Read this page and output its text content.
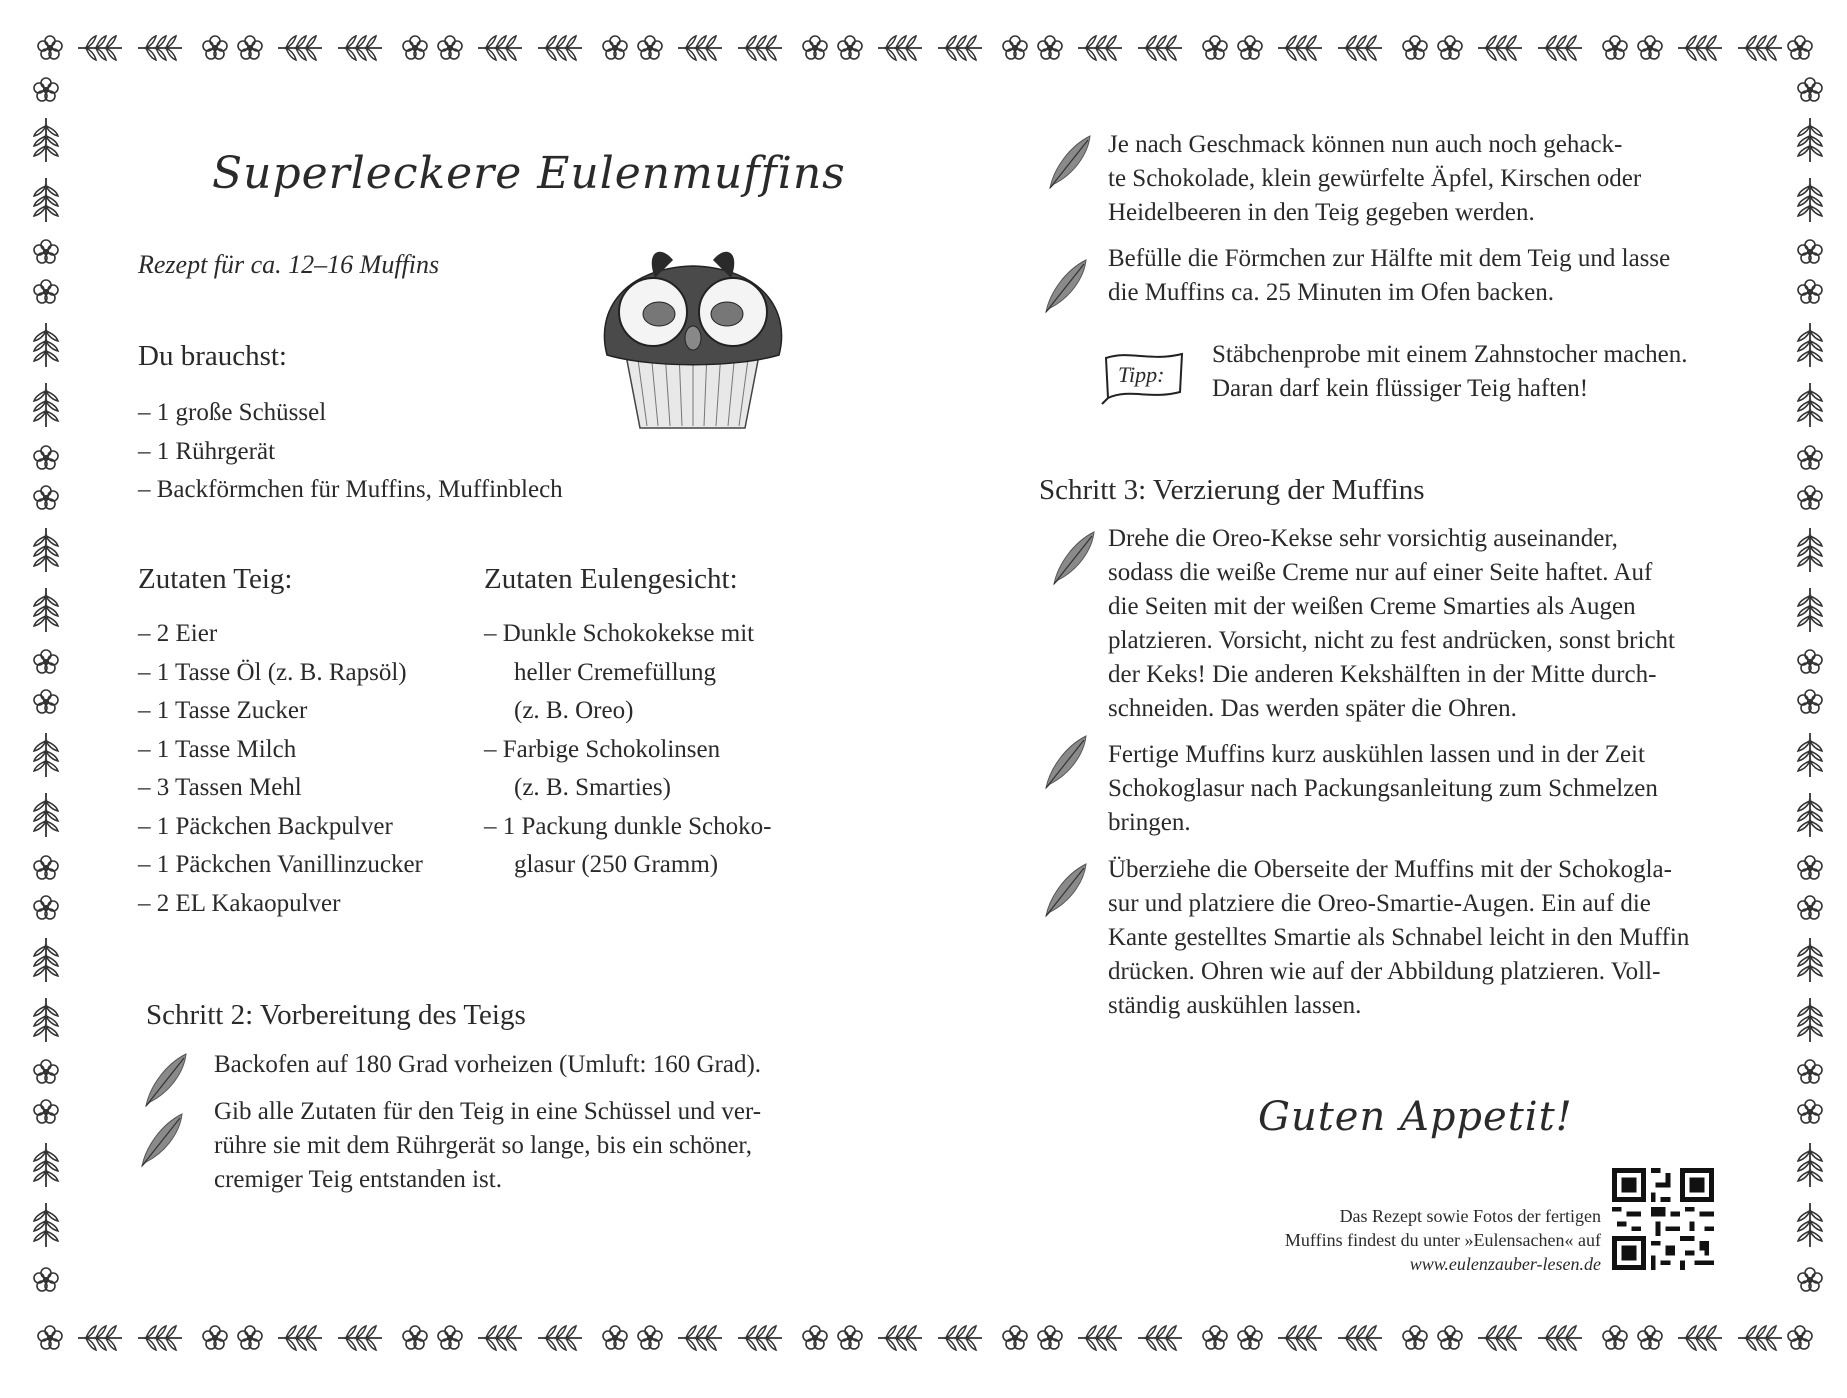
Superleckere Eulenmuffins
Rezept für ca. 12–16 Muffins
Du brauchst:
– 1 große Schüssel
– 1 Rührgerät
– Backförmchen für Muffins, Muffinblech
Zutaten Teig:
– 2 Eier
– 1 Tasse Öl (z. B. Rapsöl)
– 1 Tasse Zucker
– 1 Tasse Milch
– 3 Tassen Mehl
– 1 Päckchen Backpulver
– 1 Päckchen Vanillinzucker
– 2 EL Kakaopulver
Zutaten Eulengesicht:
– Dunkle Schokokekse mit
heller Cremefüllung
(z. B. Oreo)
– Farbige Schokolinsen
(z. B. Smarties)
– 1 Packung dunkle Schoko-
glasur (250 Gramm)
Schritt 2: Vorbereitung des Teigs
Backofen auf 180 Grad vorheizen (Umluft: 160 Grad).
Gib alle Zutaten für den Teig in eine Schüssel und ver-
rühre sie mit dem Rührgerät so lange, bis ein schöner,
cremiger Teig entstanden ist.
Je nach Geschmack können nun auch noch gehack-
te Schokolade, klein gewürfelte Äpfel, Kirschen oder
Heidelbeeren in den Teig gegeben werden.
Befülle die Förmchen zur Hälfte mit dem Teig und lasse
die Muffins ca. 25 Minuten im Ofen backen.
Tipp:
Stäbchenprobe mit einem Zahnstocher machen.
Daran darf kein flüssiger Teig haften!
Schritt 3: Verzierung der Muffins
Drehe die Oreo-Kekse sehr vorsichtig auseinander,
sodass die weiße Creme nur auf einer Seite haftet. Auf
die Seiten mit der weißen Creme Smarties als Augen
platzieren. Vorsicht, nicht zu fest andrücken, sonst bricht
der Keks! Die anderen Kekshälften in der Mitte durch-
schneiden. Das werden später die Ohren.
Fertige Muffins kurz auskühlen lassen und in der Zeit
Schokoglasur nach Packungsanleitung zum Schmelzen
bringen.
Überziehe die Oberseite der Muffins mit der Schokogla-
sur und platziere die Oreo-Smartie-Augen. Ein auf die
Kante gestelltes Smartie als Schnabel leicht in den Muffin
drücken. Ohren wie auf der Abbildung platzieren. Voll-
ständig auskühlen lassen.
Guten Appetit!
Das Rezept sowie Fotos der fertigen
Muffins findest du unter »Eulensachen« auf
www.eulenzauber-lesen.de
